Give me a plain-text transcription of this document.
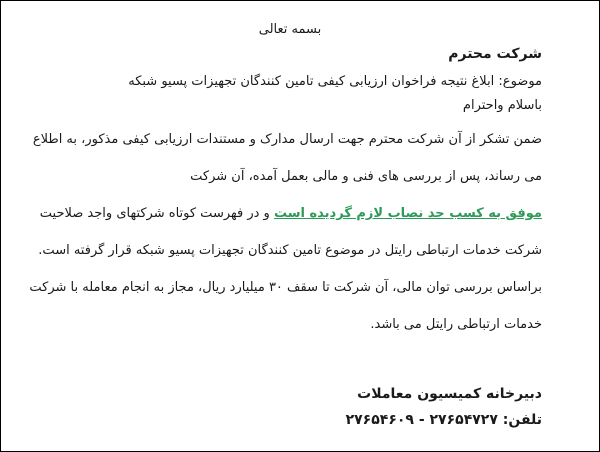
بسمه تعالی
شرکت محترم
موضوع: ابلاغ نتیجه فراخوان ارزیابی کیفی تامین کنندگان تجهیزات پسیو شبکه
باسلام واحترام
ضمن تشکر از آن شرکت محترم جهت ارسال مدارک و مستندات ارزیابی کیفی مذکور، به اطلاع
می رساند، پس از بررسی های فنی و مالی بعمل آمده، آن شرکت
موفق به کسب حد نصاب لازم گردیده است و در فهرست کوتاه شرکتهای واجد صلاحیت
شرکت خدمات ارتباطی رایتل در موضوع تامین کنندگان تجهیزات پسیو شبکه قرار گرفته است.
براساس بررسی توان مالی، آن شرکت تا سقف ۳۰ میلیارد ریال، مجاز به انجام معامله با شرکت
خدمات ارتباطی رایتل می باشد.
دبیرخانه کمیسیون معاملات
تلفن: ۲۷۶۵۴۷۲۷ - ۲۷۶۵۴۶۰۹
